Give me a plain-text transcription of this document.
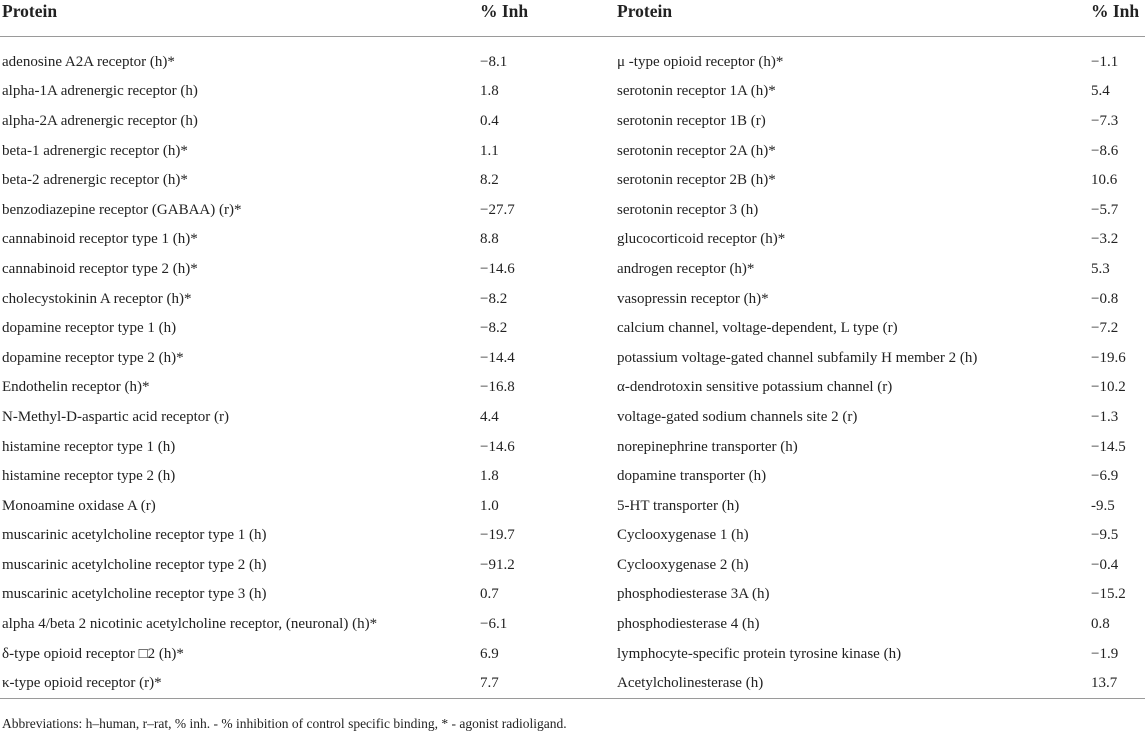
Protein	% Inh	Protein	% Inh

adenosine A2A receptor (h)*	−8.1	μ -type opioid receptor (h)*	−1.1
alpha-1A adrenergic receptor (h)	1.8	serotonin receptor 1A (h)*	5.4
alpha-2A adrenergic receptor (h)	0.4	serotonin receptor 1B (r)	−7.3
beta-1 adrenergic receptor (h)*	1.1	serotonin receptor 2A (h)*	−8.6
beta-2 adrenergic receptor (h)*	8.2	serotonin receptor 2B (h)*	10.6
benzodiazepine receptor (GABAA) (r)*	−27.7	serotonin receptor 3 (h)	−5.7
cannabinoid receptor type 1 (h)*	8.8	glucocorticoid receptor (h)*	−3.2
cannabinoid receptor type 2 (h)*	−14.6	androgen receptor (h)*	5.3
cholecystokinin A receptor (h)*	−8.2	vasopressin receptor (h)*	−0.8
dopamine receptor type 1 (h)	−8.2	calcium channel, voltage-dependent, L type (r)	−7.2
dopamine receptor type 2 (h)*	−14.4	potassium voltage-gated channel subfamily H member 2 (h)	−19.6
Endothelin receptor (h)*	−16.8	α-dendrotoxin sensitive potassium channel (r)	−10.2
N-Methyl-D-aspartic acid receptor (r)	4.4	voltage-gated sodium channels site 2 (r)	−1.3
histamine receptor type 1 (h)	−14.6	norepinephrine transporter (h)	−14.5
histamine receptor type 2 (h)	1.8	dopamine transporter (h)	−6.9
Monoamine oxidase A (r)	1.0	5-HT transporter (h)	-9.5
muscarinic acetylcholine receptor type 1 (h)	−19.7	Cyclooxygenase 1 (h)	−9.5
muscarinic acetylcholine receptor type 2 (h)	−91.2	Cyclooxygenase 2 (h)	−0.4
muscarinic acetylcholine receptor type 3 (h)	0.7	phosphodiesterase 3A (h)	−15.2
alpha 4/beta 2 nicotinic acetylcholine receptor, (neuronal) (h)*	−6.1	phosphodiesterase 4 (h)	0.8
δ-type opioid receptor □2 (h)*	6.9	lymphocyte-specific protein tyrosine kinase (h)	−1.9
κ-type opioid receptor (r)*	7.7	Acetylcholinesterase (h)	13.7
Abbreviations: h–human, r–rat, % inh. - % inhibition of control specific binding, * - agonist radioligand.
